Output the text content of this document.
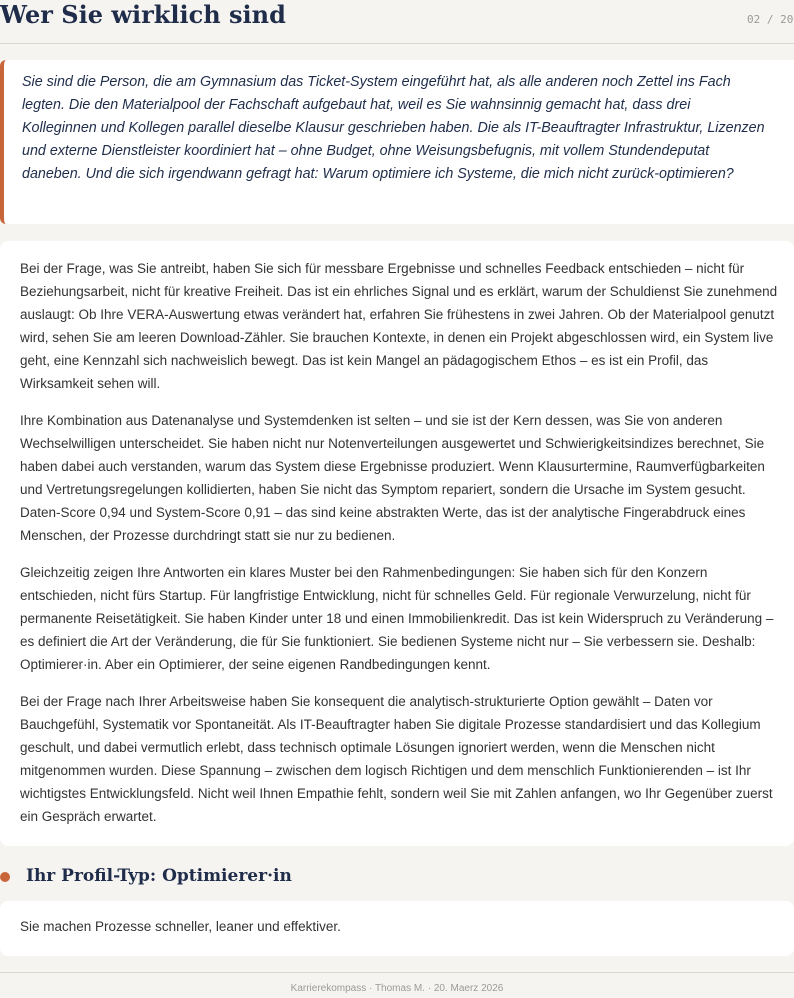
Wer Sie wirklich sind	02 / 20

Sie sind die Person, die am Gymnasium das Ticket-System eingeführt hat, als alle anderen noch Zettel ins Fach legten. Die den Materialpool der Fachschaft aufgebaut hat, weil es Sie wahnsinnig gemacht hat, dass drei Kolleginnen und Kollegen parallel dieselbe Klausur geschrieben haben. Die als IT-Beauftragter Infrastruktur, Lizenzen und externe Dienstleister koordiniert hat – ohne Budget, ohne Weisungsbefugnis, mit vollem Stundendeputat daneben. Und die sich irgendwann gefragt hat: Warum optimiere ich Systeme, die mich nicht zurück-optimieren?

Bei der Frage, was Sie antreibt, haben Sie sich für messbare Ergebnisse und schnelles Feedback entschieden – nicht für Beziehungsarbeit, nicht für kreative Freiheit. Das ist ein ehrliches Signal und es erklärt, warum der Schuldienst Sie zunehmend auslaugt: Ob Ihre VERA-Auswertung etwas verändert hat, erfahren Sie frühestens in zwei Jahren. Ob der Materialpool genutzt wird, sehen Sie am leeren Download-Zähler. Sie brauchen Kontexte, in denen ein Projekt abgeschlossen wird, ein System live geht, eine Kennzahl sich nachweislich bewegt. Das ist kein Mangel an pädagogischem Ethos – es ist ein Profil, das Wirksamkeit sehen will.

Ihre Kombination aus Datenanalyse und Systemdenken ist selten – und sie ist der Kern dessen, was Sie von anderen Wechselwilligen unterscheidet. Sie haben nicht nur Notenverteilungen ausgewertet und Schwierigkeitsindizes berechnet, Sie haben dabei auch verstanden, warum das System diese Ergebnisse produziert. Wenn Klausurtermine, Raumverfügbarkeiten und Vertretungsregelungen kollidierten, haben Sie nicht das Symptom repariert, sondern die Ursache im System gesucht. Daten-Score 0,94 und System-Score 0,91 – das sind keine abstrakten Werte, das ist der analytische Fingerabdruck eines Menschen, der Prozesse durchdringt statt sie nur zu bedienen.

Gleichzeitig zeigen Ihre Antworten ein klares Muster bei den Rahmenbedingungen: Sie haben sich für den Konzern entschieden, nicht fürs Startup. Für langfristige Entwicklung, nicht für schnelles Geld. Für regionale Verwurzelung, nicht für permanente Reisetätigkeit. Sie haben Kinder unter 18 und einen Immobilienkredit. Das ist kein Widerspruch zu Veränderung – es definiert die Art der Veränderung, die für Sie funktioniert. Sie bedienen Systeme nicht nur – Sie verbessern sie. Deshalb: Optimierer·in. Aber ein Optimierer, der seine eigenen Randbedingungen kennt.

Bei der Frage nach Ihrer Arbeitsweise haben Sie konsequent die analytisch-strukturierte Option gewählt – Daten vor Bauchgefühl, Systematik vor Spontaneität. Als IT-Beauftragter haben Sie digitale Prozesse standardisiert und das Kollegium geschult, und dabei vermutlich erlebt, dass technisch optimale Lösungen ignoriert werden, wenn die Menschen nicht mitgenommen wurden. Diese Spannung – zwischen dem logisch Richtigen und dem menschlich Funktionierenden – ist Ihr wichtigstes Entwicklungsfeld. Nicht weil Ihnen Empathie fehlt, sondern weil Sie mit Zahlen anfangen, wo Ihr Gegenüber zuerst ein Gespräch erwartet.

Ihr Profil-Typ: Optimierer·in
Sie machen Prozesse schneller, leaner und effektiver.
Karrierekompass · Thomas M. · 20. Maerz 2026
